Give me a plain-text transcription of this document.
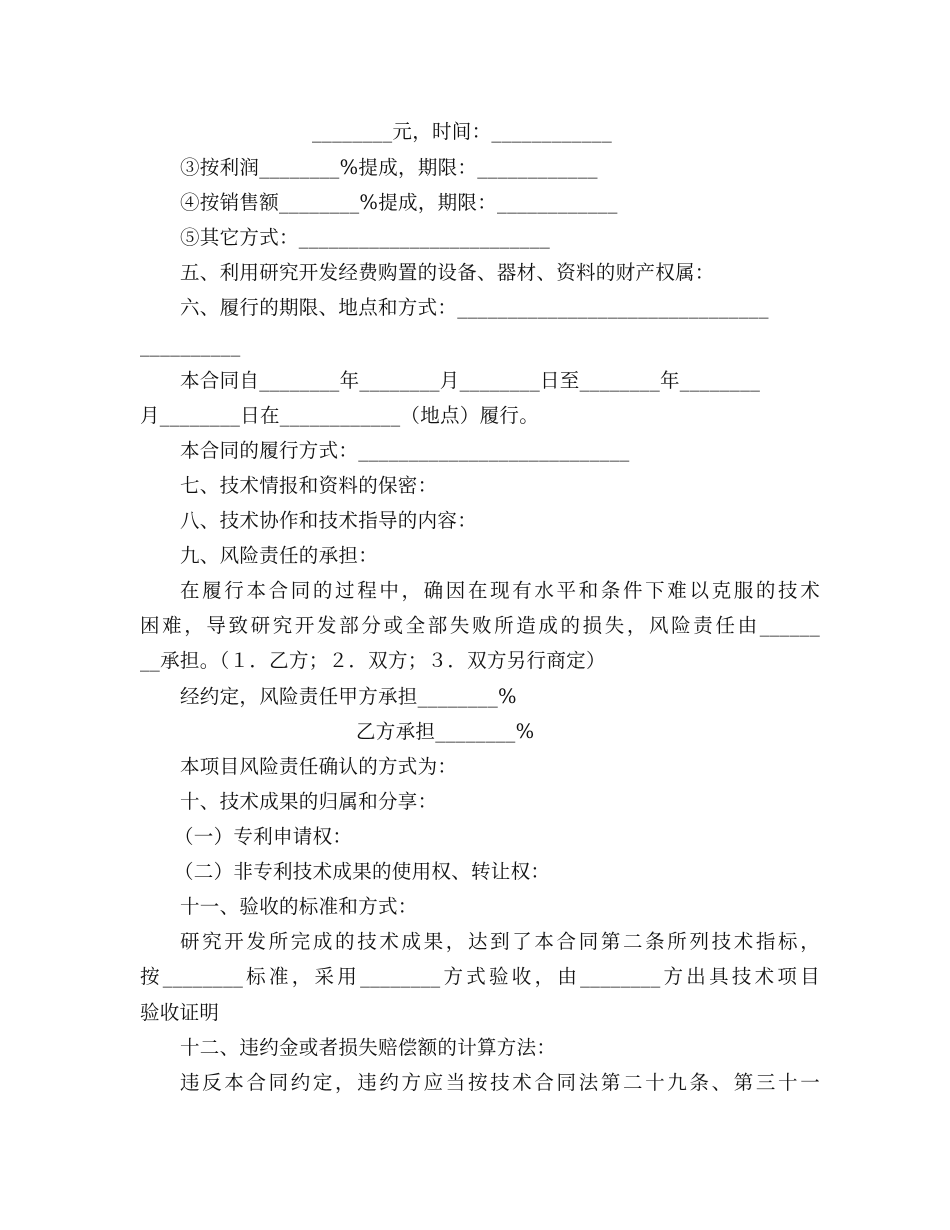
________元，时间：____________
③按利润________%提成，期限：____________
④按销售额________%提成，期限：____________
⑤其它方式：_________________________
五、利用研究开发经费购置的设备、器材、资料的财产权属：
六、履行的期限、地点和方式：_______________________________
__________
本合同自________年________月________日至________年________
月________日在____________（地点）履行。
本合同的履行方式：___________________________
七、技术情报和资料的保密：
八、技术协作和技术指导的内容：
九、风险责任的承担：
在履行本合同的过程中，确因在现有水平和条件下难以克服的技术
困难，导致研究开发部分或全部失败所造成的损失，风险责任由______
__承担。（１．乙方；２．双方；３．双方另行商定）
经约定，风险责任甲方承担________%
乙方承担________%
本项目风险责任确认的方式为：
十、技术成果的归属和分享：
（一）专利申请权：
（二）非专利技术成果的使用权、转让权：
十一、验收的标准和方式：
研究开发所完成的技术成果，达到了本合同第二条所列技术指标，
按________标准，采用________方式验收，由________方出具技术项目
验收证明
十二、违约金或者损失赔偿额的计算方法：
违反本合同约定，违约方应当按技术合同法第二十九条、第三十一
